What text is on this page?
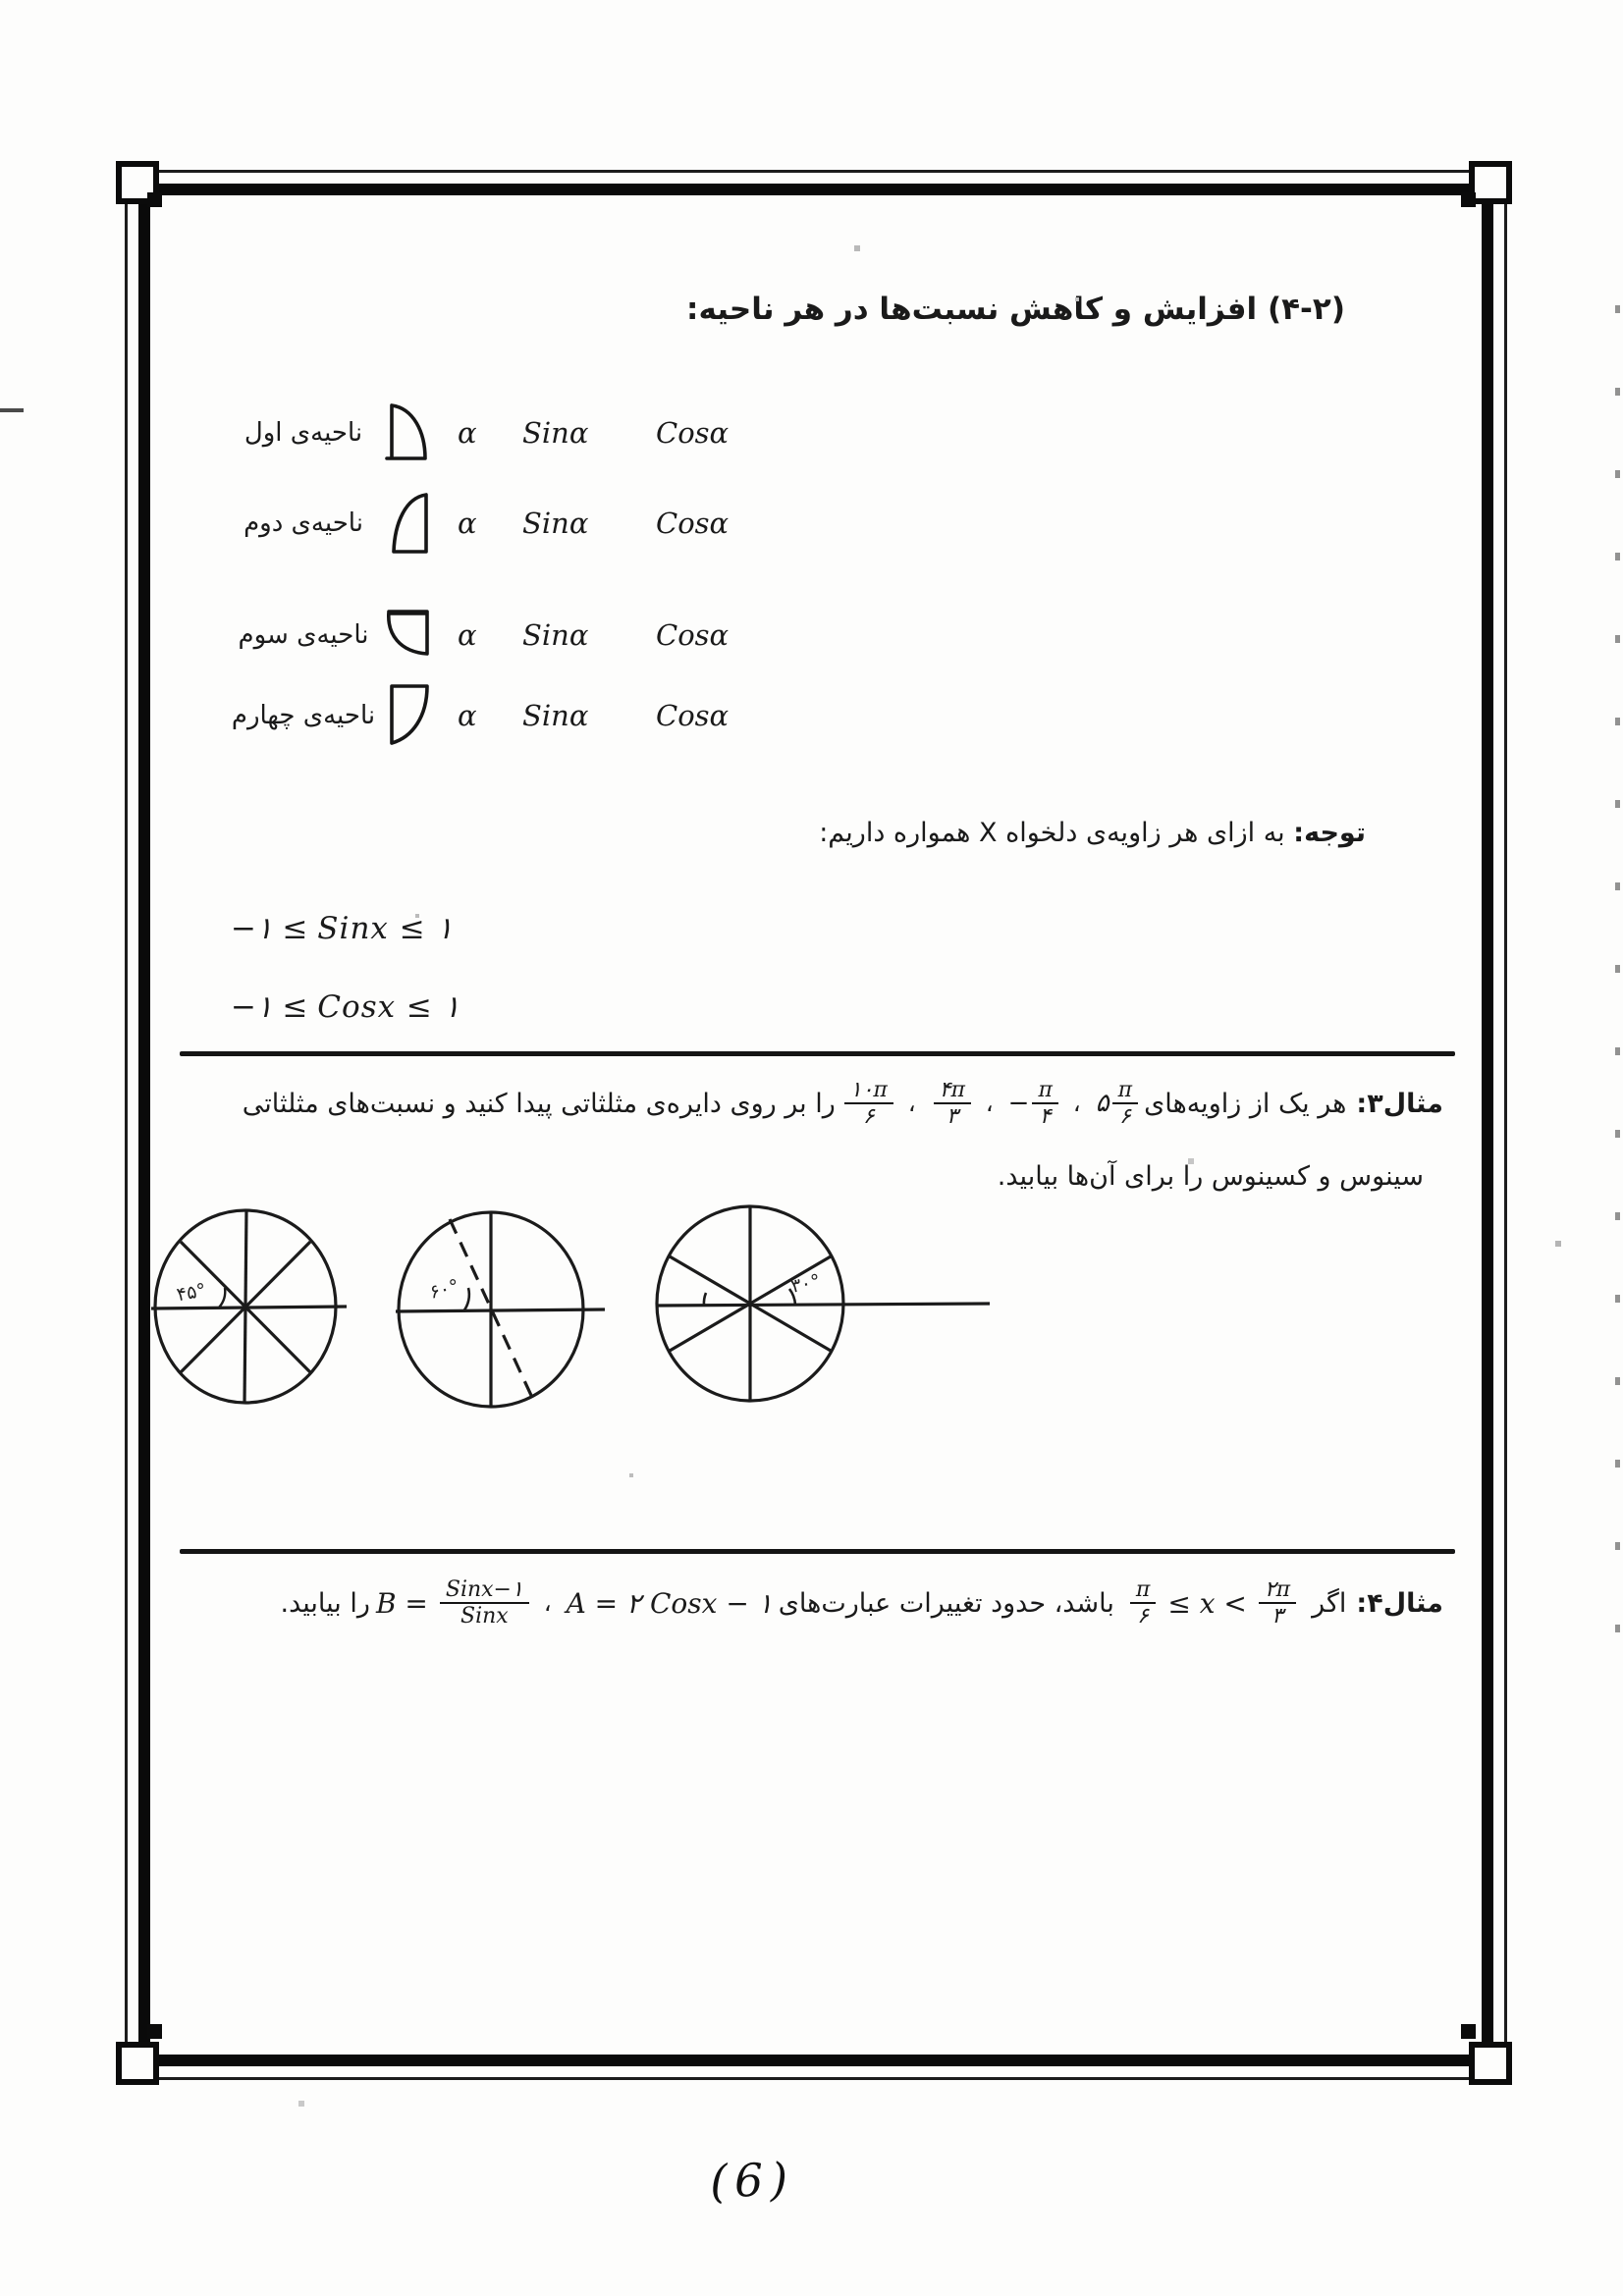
(۴-۲) افزایش و کاهش نسبت‌ها در هر ناحیه:
ناحیه‌ی اول	α Sinα Cosα
ناحیه‌ی دوم	α Sinα Cosα
ناحیه‌ی سوم	α Sinα Cosα
ناحیه‌ی چهارم	α Sinα Cosα
توجه: به ازای هر زاویه‌ی دلخواه X همواره داریم:
−۱ ≤ Sinx ≤ ۱
−۱ ≤ Cosx ≤ ۱
مثال۳:
هر یک از زاویه‌های
۵ $\frac{\pi}{۶}$
،
− $\frac{\pi}{۴}$
،
$\frac{۴\pi}{۳}$
،
$\frac{۱۰\pi}{۶}$
را بر روی دایره‌ی مثلثاتی پیدا کنید و نسبت‌های مثلثاتی
سینوس و کسینوس را برای آن‌ها بیابید.
۴۵°	۶۰°	۳۰°
مثال۴:
اگر
$\frac{\pi}{۶} \le x < \frac{۲\pi}{۳}$
باشد، حدود تغییرات عبارت‌های
A = ۲ Cosx − ۱
،
$B = \frac{\text{Sinx−۱}}{\text{Sinx}}$
را بیابید.
(6)
